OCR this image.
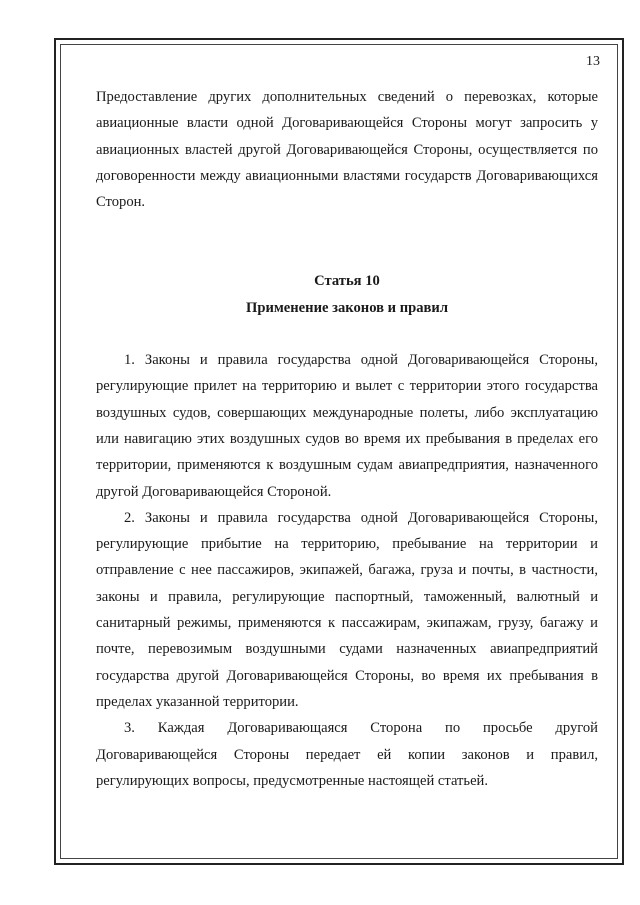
13

Предоставление других дополнительных сведений о перевозках, которые авиационные власти одной Договаривающейся Стороны могут запросить у авиационных властей другой Договаривающейся Стороны, осуществляется по договоренности между авиационными властями государств Договаривающихся Сторон.

Статья 10

Применение законов и правил

1. Законы и правила государства одной Договаривающейся Стороны, регулирующие прилет на территорию и вылет с территории этого государства воздушных судов, совершающих международные полеты, либо эксплуатацию или навигацию этих воздушных судов во время их пребывания в пределах его территории, применяются к воздушным судам авиапредприятия, назначенного другой Договаривающейся Стороной.

2. Законы и правила государства одной Договаривающейся Стороны, регулирующие прибытие на территорию, пребывание на территории и отправление с нее пассажиров, экипажей, багажа, груза и почты, в частности, законы и правила, регулирующие паспортный, таможенный, валютный и санитарный режимы, применяются к пассажирам, экипажам, грузу, багажу и почте, перевозимым воздушными судами назначенных авиапредприятий государства другой Договаривающейся Стороны, во время их пребывания в пределах указанной территории.

3. Каждая Договаривающаяся Сторона по просьбе другой Договаривающейся Стороны передает ей копии законов и правил, регулирующих вопросы, предусмотренные настоящей статьей.
